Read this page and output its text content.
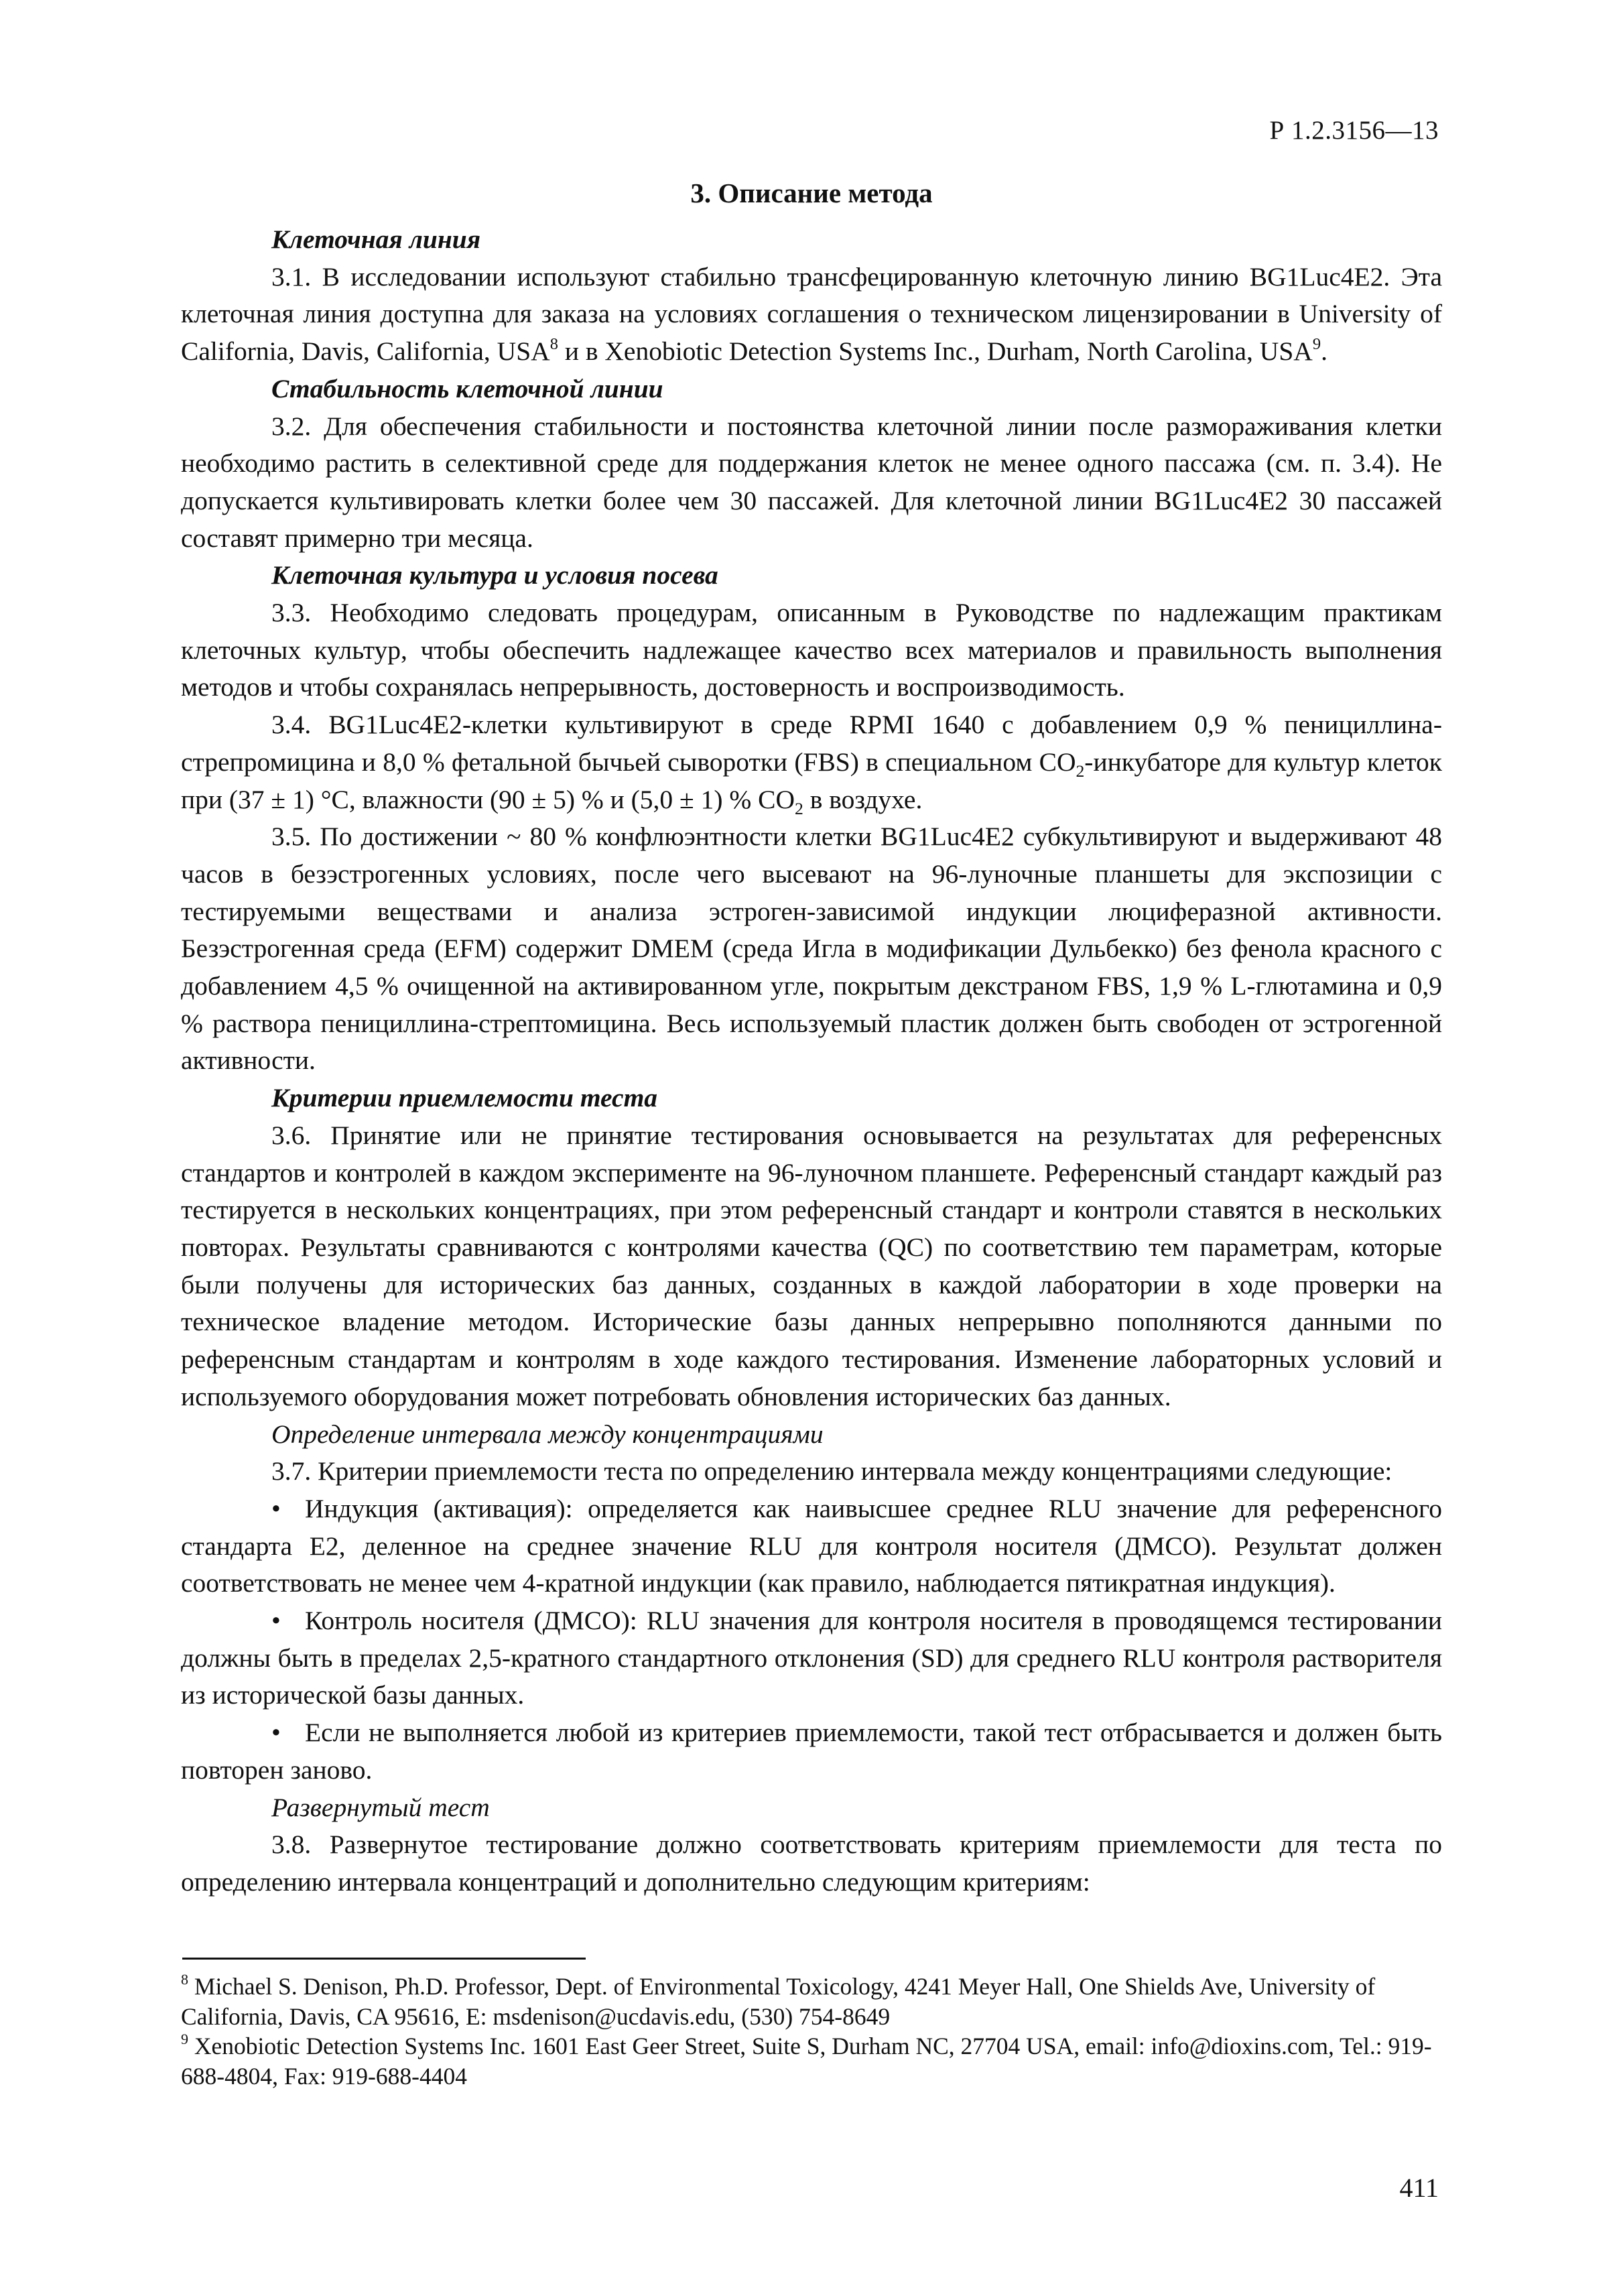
Р 1.2.3156—13
3. Описание метода
Клеточная линия

3.1. В исследовании используют стабильно трансфецированную клеточную линию BG1Luc4E2. Эта клеточная линия доступна для заказа на условиях соглашения о техническом лицензировании в University of California, Davis, California, USA$^8$ и в Xenobiotic Detection Systems Inc., Durham, North Carolina, USA$^9$.

Стабильность клеточной линии

3.2. Для обеспечения стабильности и постоянства клеточной линии после размораживания клетки необходимо растить в селективной среде для поддержания клеток не менее одного пассажа (см. п. 3.4). Не допускается культивировать клетки более чем 30 пассажей. Для клеточной линии BG1Luc4E2 30 пассажей составят примерно три месяца.

Клеточная культура и условия посева

3.3. Необходимо следовать процедурам, описанным в Руководстве по надлежащим практикам клеточных культур, чтобы обеспечить надлежащее качество всех материалов и правильность выполнения методов и чтобы сохранялась непрерывность, достоверность и воспроизводимость.

3.4. BG1Luc4E2-клетки культивируют в среде RPMI 1640 с добавлением 0,9 % пенициллина-стрепромицина и 8,0 % фетальной бычьей сыворотки (FBS) в специальном $CO_2$-инкубаторе для культур клеток при (37 ± 1) °С, влажности (90 ± 5) % и (5,0 ± 1) % $CO_2$ в воздухе.

3.5. По достижении ~ 80 % конфлюэнтности клетки BG1Luc4E2 субкультивируют и выдерживают 48 часов в безэстрогенных условиях, после чего высевают на 96-луночные планшеты для экспозиции с тестируемыми веществами и анализа эстроген-зависимой индукции люциферазной активности. Безэстрогенная среда (EFM) содержит DMEM (среда Игла в модификации Дульбекко) без фенола красного с добавлением 4,5 % очищенной на активированном угле, покрытым декстраном FBS, 1,9 % L-глютамина и 0,9 % раствора пенициллина-стрептомицина. Весь используемый пластик должен быть свободен от эстрогенной активности.

Критерии приемлемости теста

3.6. Принятие или не принятие тестирования основывается на результатах для референсных стандартов и контролей в каждом эксперименте на 96-луночном планшете. Референсный стандарт каждый раз тестируется в нескольких концентрациях, при этом референсный стандарт и контроли ставятся в нескольких повторах. Результаты сравниваются с контролями качества (QC) по соответствию тем параметрам, которые были получены для исторических баз данных, созданных в каждой лаборатории в ходе проверки на техническое владение методом. Исторические базы данных непрерывно пополняются данными по референсным стандартам и контролям в ходе каждого тестирования. Изменение лабораторных условий и используемого оборудования может потребовать обновления исторических баз данных.

Определение интервала между концентрациями

3.7. Критерии приемлемости теста по определению интервала между концентрациями следующие:

• Индукция (активация): определяется как наивысшее среднее RLU значение для референсного стандарта E2, деленное на среднее значение RLU для контроля носителя (ДМСО). Результат должен соответствовать не менее чем 4-кратной индукции (как правило, наблюдается пятикратная индукция).

• Контроль носителя (ДМСО): RLU значения для контроля носителя в проводящемся тестировании должны быть в пределах 2,5-кратного стандартного отклонения (SD) для среднего RLU контроля растворителя из исторической базы данных.

• Если не выполняется любой из критериев приемлемости, такой тест отбрасывается и должен быть повторен заново.

Развернутый тест

3.8. Развернутое тестирование должно соответствовать критериям приемлемости для теста по определению интервала концентраций и дополнительно следующим критериям:

$^8$ Michael S. Denison, Ph.D. Professor, Dept. of Environmental Toxicology, 4241 Meyer Hall, One Shields Ave, University of California, Davis, CA 95616, E: msdenison@ucdavis.edu, (530) 754-8649

$^9$ Xenobiotic Detection Systems Inc. 1601 East Geer Street, Suite S, Durham NC, 27704 USA, email: info@dioxins.com, Tel.: 919-688-4804, Fax: 919-688-4404

411
